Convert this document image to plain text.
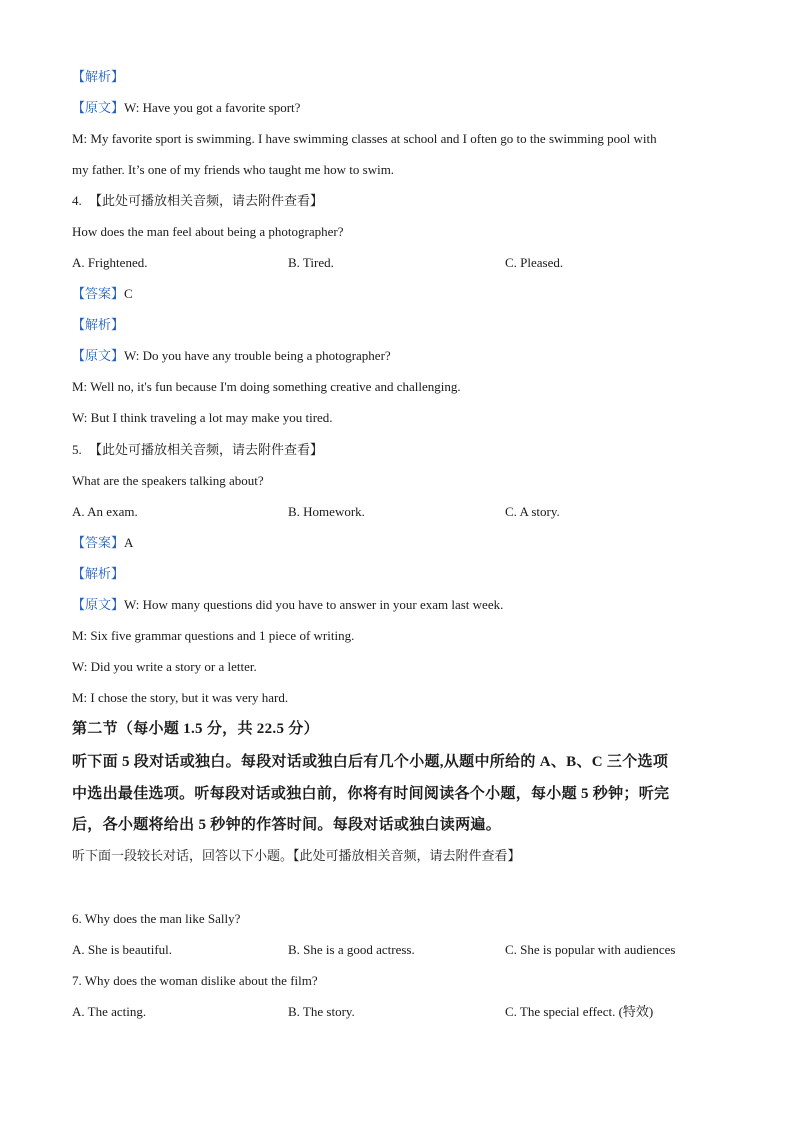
【解析】
【原文】W: Have you got a favorite sport?
M: My favorite sport is swimming. I have swimming classes at school and I often go to the swimming pool with
my father. It’s one of my friends who taught me how to swim.
4. 【此处可播放相关音频，请去附件查看】
How does the man feel about being a photographer?
A. Frightened.	B. Tired.	C. Pleased.
【答案】C
【解析】
【原文】W: Do you have any trouble being a photographer?
M: Well no, it's fun because I'm doing something creative and challenging.
W: But I think traveling a lot may make you tired.
5. 【此处可播放相关音频，请去附件查看】
What are the speakers talking about?
A. An exam.	B. Homework.	C. A story.
【答案】A
【解析】
【原文】W: How many questions did you have to answer in your exam last week.
M: Six five grammar questions and 1 piece of writing.
W: Did you write a story or a letter.
M: I chose the story, but it was very hard.
第二节（每小题 1.5 分，共 22.5 分）
听下面 5 段对话或独白。每段对话或独白后有几个小题,从题中所给的 A、B、C 三个选项
中选出最佳选项。听每段对话或独白前，你将有时间阅读各个小题，每小题 5 秒钟；听完
后，各小题将给出 5 秒钟的作答时间。每段对话或独白读两遍。
听下面一段较长对话，回答以下小题。【此处可播放相关音频，请去附件查看】
6. Why does the man like Sally?
A. She is beautiful.	B. She is a good actress.	C. She is popular with audiences
7. Why does the woman dislike about the film?
A. The acting.	B. The story.	C. The special effect. (特效)
